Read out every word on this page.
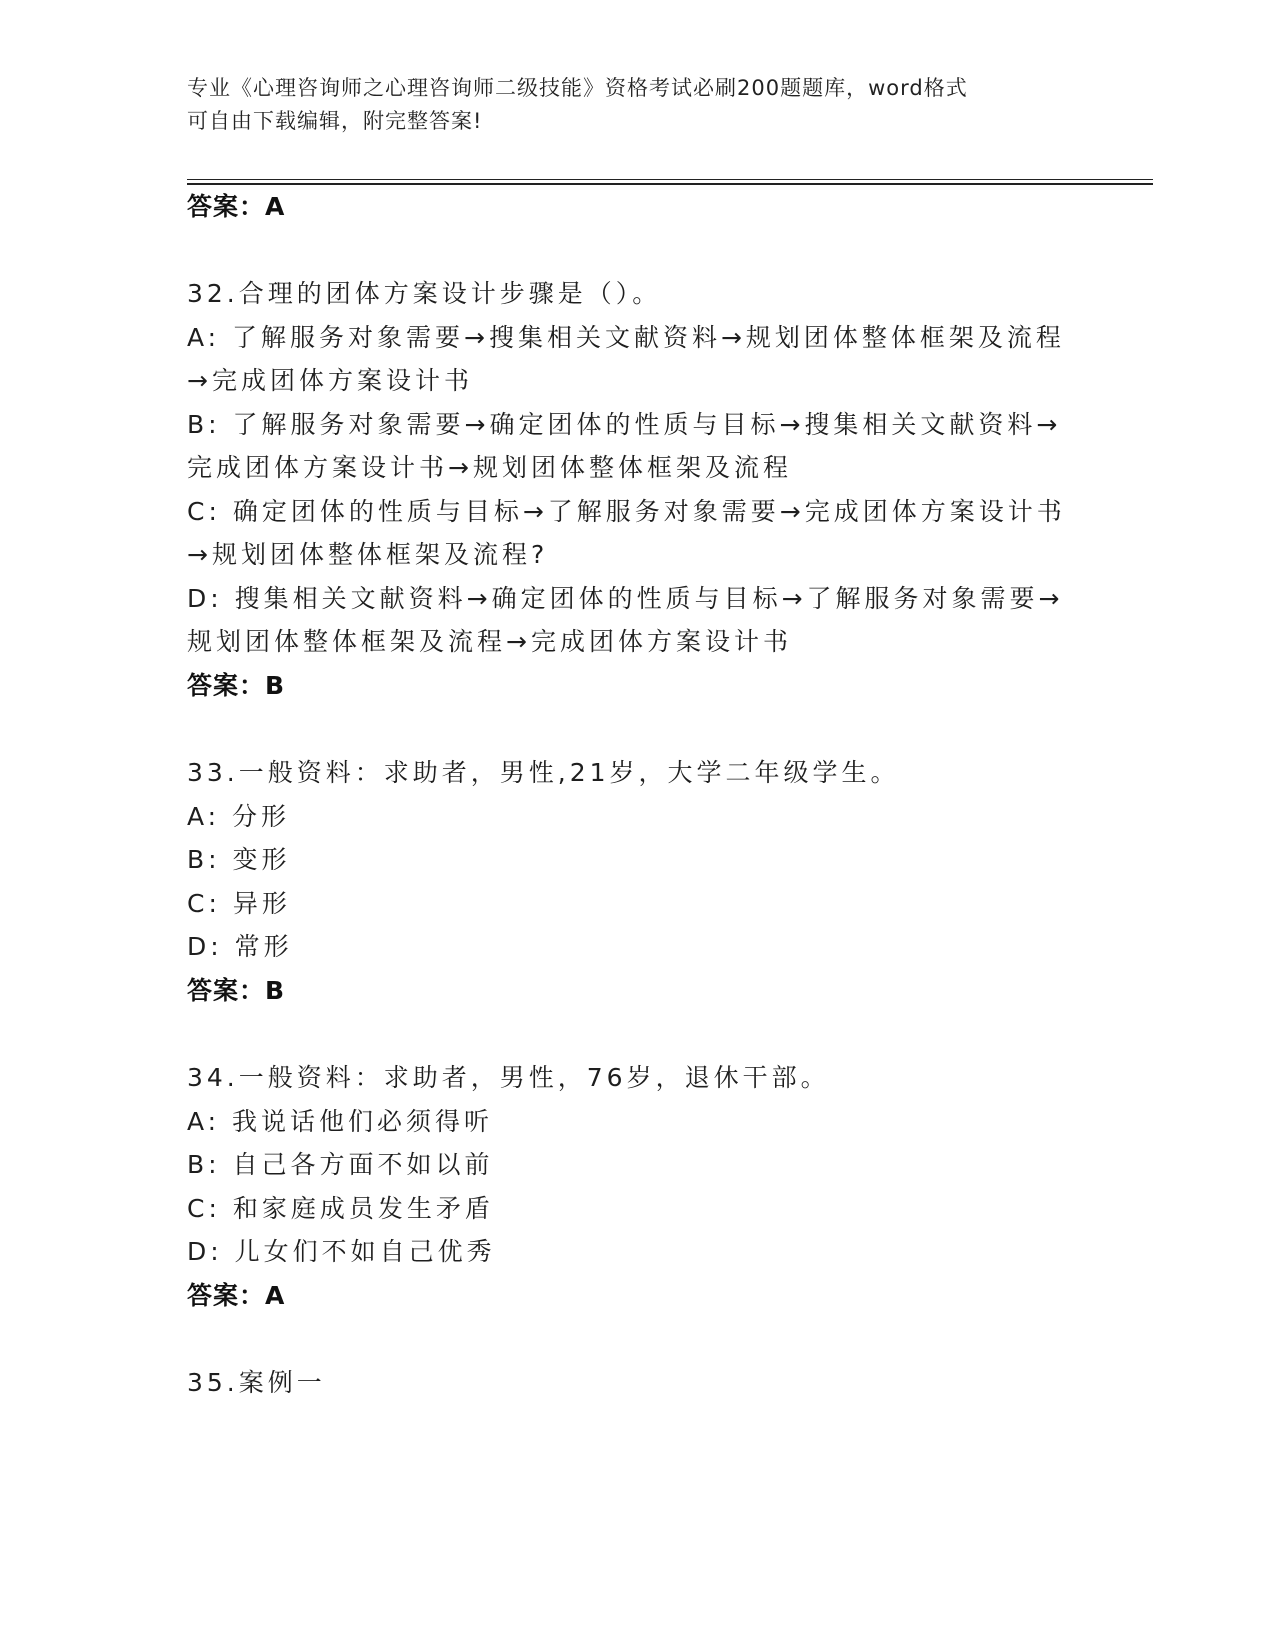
专业《心理咨询师之心理咨询师二级技能》资格考试必刷200题题库，word格式
可自由下载编辑，附完整答案!
答案：A
32.合理的团体方案设计步骤是（）。
A: 了解服务对象需要→搜集相关文献资料→规划团体整体框架及流程
→完成团体方案设计书
B: 了解服务对象需要→确定团体的性质与目标→搜集相关文献资料→
完成团体方案设计书→规划团体整体框架及流程
C: 确定团体的性质与目标→了解服务对象需要→完成团体方案设计书
→规划团体整体框架及流程?
D: 搜集相关文献资料→确定团体的性质与目标→了解服务对象需要→
规划团体整体框架及流程→完成团体方案设计书
答案：B
33.一般资料：求助者，男性,21岁，大学二年级学生。
A: 分形
B: 变形
C: 异形
D: 常形
答案：B
34.一般资料：求助者，男性，76岁，退休干部。
A: 我说话他们必须得听
B: 自己各方面不如以前
C: 和家庭成员发生矛盾
D: 儿女们不如自己优秀
答案：A
35.案例一
